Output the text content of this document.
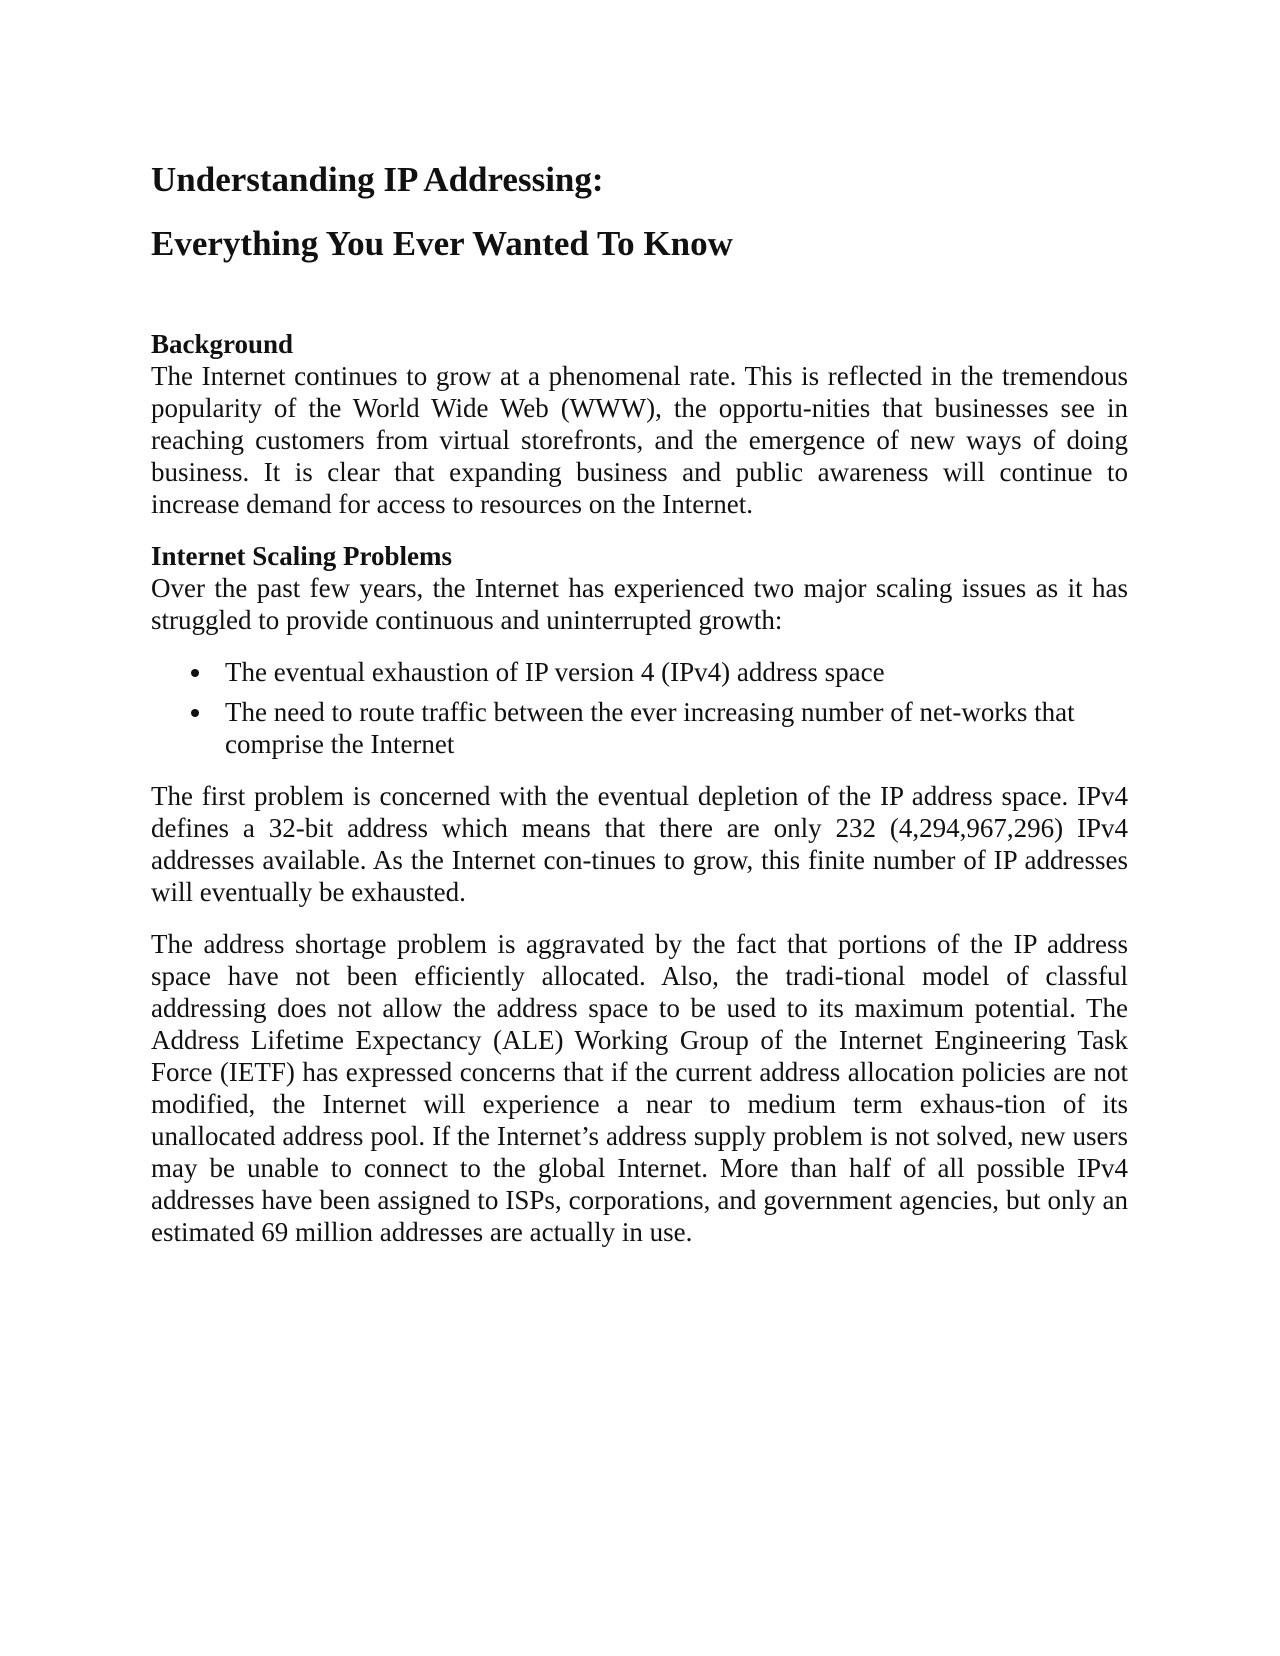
Understanding IP Addressing:
Everything You Ever Wanted To Know
Background

The Internet continues to grow at a phenomenal rate. This is reflected in the tremendous popularity of the World Wide Web (WWW), the opportu-nities that businesses see in reaching customers from virtual storefronts, and the emergence of new ways of doing business. It is clear that expanding business and public awareness will continue to increase demand for access to resources on the Internet.

Internet Scaling Problems

Over the past few years, the Internet has experienced two major scaling issues as it has struggled to provide continuous and uninterrupted growth:

The eventual exhaustion of IP version 4 (IPv4) address space
The need to route traffic between the ever increasing number of net-works that comprise the Internet

The first problem is concerned with the eventual depletion of the IP address space. IPv4 defines a 32-bit address which means that there are only 232 (4,294,967,296) IPv4 addresses available. As the Internet con-tinues to grow, this finite number of IP addresses will eventually be exhausted.

The address shortage problem is aggravated by the fact that portions of the IP address space have not been efficiently allocated. Also, the tradi-tional model of classful addressing does not allow the address space to be used to its maximum potential. The Address Lifetime Expectancy (ALE) Working Group of the Internet Engineering Task Force (IETF) has expressed concerns that if the current address allocation policies are not modified, the Internet will experience a near to medium term exhaus-tion of its unallocated address pool. If the Internet’s address supply problem is not solved, new users may be unable to connect to the global Internet. More than half of all possible IPv4 addresses have been assigned to ISPs, corporations, and government agencies, but only an estimated 69 million addresses are actually in use.
